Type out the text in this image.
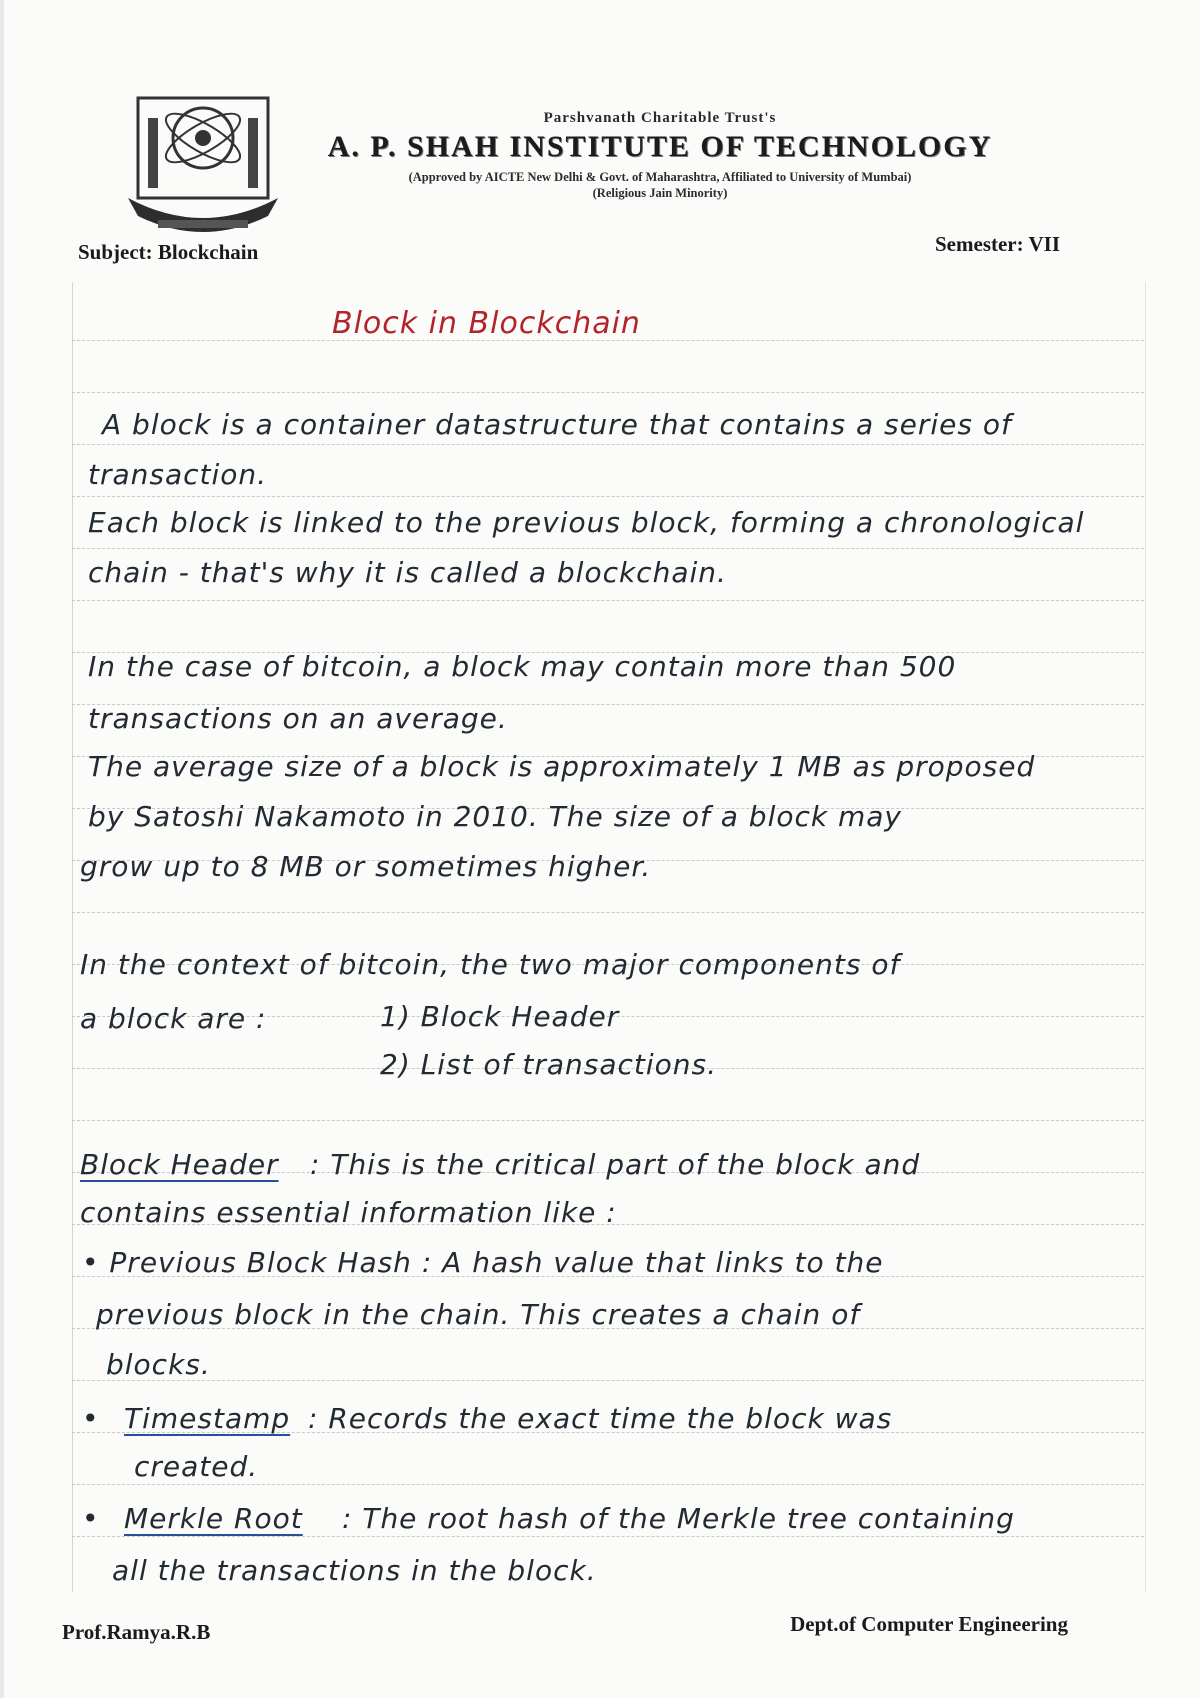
Parshvanath Charitable Trust's
A. P. SHAH INSTITUTE OF TECHNOLOGY
(Approved by AICTE New Delhi & Govt. of Maharashtra, Affiliated to University of Mumbai)
(Religious Jain Minority)
Subject: Blockchain	Semester: VII
Block in Blockchain
A block is a container datastructure that contains a series of
transaction.
Each block is linked to the previous block, forming a chronological
chain - that's why it is called a blockchain.
In the case of bitcoin, a block may contain more than 500
transactions on an average.
The average size of a block is approximately 1 MB as proposed
by Satoshi Nakamoto in 2010. The size of a block may
grow up to 8 MB or sometimes higher.
In the context of bitcoin, the two major components of
a block are :	1) Block Header
2) List of transactions.
Block Header : This is the critical part of the block and
contains essential information like :
• Previous Block Hash : A hash value that links to the
previous block in the chain. This creates a chain of
blocks.
• Timestamp : Records the exact time the block was
created.
• Merkle Root : The root hash of the Merkle tree containing
all the transactions in the block.
Prof.Ramya.R.B	Dept.of Computer Engineering
